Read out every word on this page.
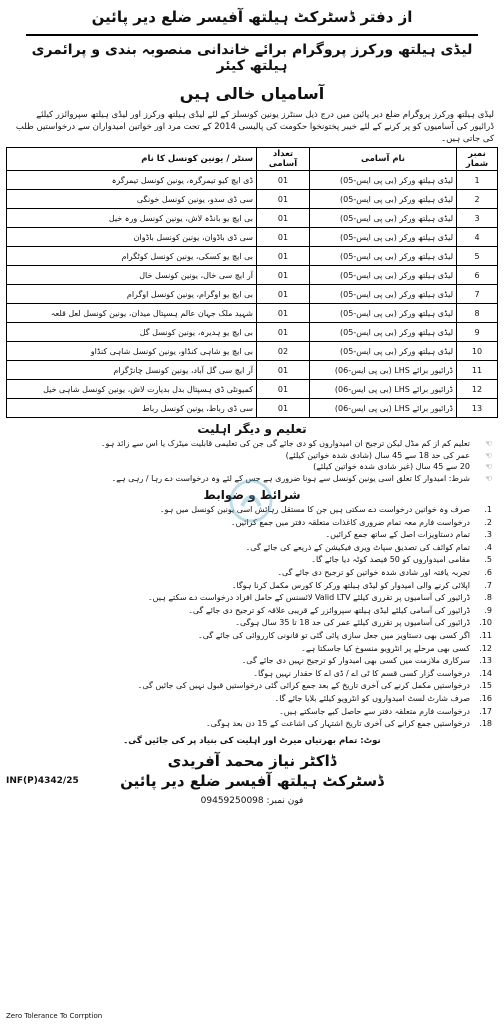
از دفتر ڈسٹرکٹ ہیلتھ آفیسر ضلع دیر پائین
لیڈی ہیلتھ ورکرز پروگرام برائے خاندانی منصوبہ بندی و پرائمری ہیلتھ کیئر
آسامیاں خالی ہیں
لیڈی ہیلتھ ورکرز پروگرام ضلع دیر پائین میں درج ذیل سنٹرز یونین کونسلز کے لئے لیڈی ہیلتھ ورکرز اور لیڈی ہیلتھ سپروائزر کیلئے ڈرائیور کی آسامیوں کو پر کرنے کے لئے خیبر پختونخوا حکومت کی پالیسی 2014 کے تحت مرد اور خواتین امیدواران سے درخواستیں طلب کی جاتی ہیں۔
نمبر شمار	نام آسامی	تعداد آسامی	سنٹر / یونین کونسل کا نام
1	لیڈی ہیلتھ ورکر (بی پی ایس-05)	01	ڈی ایچ کیو تیمرگرہ، یونین کونسل تیمرگرہ
2	لیڈی ہیلتھ ورکر (بی پی ایس-05)	01	سی ڈی سدو، یونین کونسل خونگی
3	لیڈی ہیلتھ ورکر (بی پی ایس-05)	01	بی ایچ یو بانڈہ لاش، یونین کونسل ورہ خیل
4	لیڈی ہیلتھ ورکر (بی پی ایس-05)	01	سی ڈی باڈوان، یونین کونسل باڈوان
5	لیڈی ہیلتھ ورکر (بی پی ایس-05)	01	بی ایچ یو کسکی، یونین کونسل کوٹگرام
6	لیڈی ہیلتھ ورکر (بی پی ایس-05)	01	آر ایچ سی خال، یونین کونسل خال
7	لیڈی ہیلتھ ورکر (بی پی ایس-05)	01	بی ایچ یو اوگرام، یونین کونسل اوگرام
8	لیڈی ہیلتھ ورکر (بی پی ایس-05)	01	شہید ملک جہان عالم ہسپتال میدان، یونین کونسل لعل قلعہ
9	لیڈی ہیلتھ ورکر (بی پی ایس-05)	01	بی ایچ یو ہدیرہ، یونین کونسل گل
10	لیڈی ہیلتھ ورکر (بی پی ایس-05)	02	بی ایچ یو شاہی کنڈاو، یونین کونسل شاہی کنڈاو
11	ڈرائیور برائے LHS (بی پی ایس-06)	01	آر ایچ سی گل آباد، یونین کونسل چانڑگرام
12	ڈرائیور برائے LHS (بی پی ایس-06)	01	کمیونٹی ڈی ہسپتال بدل بدیارت لاش، یونین کونسل شاہی خیل
13	ڈرائیور برائے LHS (بی پی ایس-06)	01	سی ڈی رباط، یونین کونسل رباط
تعلیم و دیگر اہلیت
☜
تعلیم کم از کم مڈل لیکن ترجیح ان امیدواروں کو دی جائے گی جن کی تعلیمی قابلیت میٹرک یا اس سے زائد ہو۔
☜
عمر کی حد 18 سے 45 سال (شادی شدہ خواتین کیلئے)
☜
20 سے 45 سال (غیر شادی شدہ خواتین کیلئے)
☜
شرط: امیدوار کا تعلق اسی یونین کونسل سے ہونا ضروری ہے جس کے لئے وہ درخواست دے رہا / رہی ہے۔
شرائط و ضوابط
1.
صرف وہ خواتین درخواست دے سکتی ہیں جن کا مستقل رہائش اسی یونین کونسل میں ہو۔
2.
درخواست فارم معہ تمام ضروری کاغذات متعلقہ دفتر میں جمع کرائیں۔
3.
تمام دستاویزات اصل کے ساتھ جمع کرائیں۔
4.
تمام کوائف کی تصدیق سپاٹ ویری فیکیشن کے ذریعے کی جائے گی۔
5.
مقامی امیدواروں کو 50 فیصد کوٹہ دیا جائے گا۔
6.
تجربہ یافتہ اور شادی شدہ خواتین کو ترجیح دی جائے گی۔
7.
اپلائی کرنے والی امیدوار کو لیڈی ہیلتھ ورکر کا کورس مکمل کرنا ہوگا۔
8.
ڈرائیور کی آسامیوں پر تقرری کیلئے Valid LTV لائسنس کے حامل افراد درخواست دے سکتے ہیں۔
9.
ڈرائیور کی آسامی کیلئے لیڈی ہیلتھ سپروائزر کے قریبی علاقہ کو ترجیح دی جائے گی۔
10.
ڈرائیور کی آسامیوں پر تقرری کیلئے عمر کی حد 18 تا 35 سال ہوگی۔
11.
اگر کسی بھی دستاویز میں جعل سازی پائی گئی تو قانونی کارروائی کی جائے گی۔
12.
کسی بھی مرحلے پر انٹرویو منسوخ کیا جاسکتا ہے۔
13.
سرکاری ملازمت میں کسی بھی امیدوار کو ترجیح نہیں دی جائے گی۔
14.
درخواست گزار کسی قسم کا ٹی اے / ڈی اے کا حقدار نہیں ہوگا۔
15.
درخواستیں مکمل کرنے کی آخری تاریخ کے بعد جمع کرائی گئی درخواستیں قبول نہیں کی جائیں گی۔
16.
صرف شارٹ لسٹ امیدواروں کو انٹرویو کیلئے بلایا جائے گا۔
17.
درخواست فارم متعلقہ دفتر سے حاصل کیے جاسکتے ہیں۔
18.
درخواستیں جمع کرانے کی آخری تاریخ اشتہار کی اشاعت کے 15 دن بعد ہوگی۔
نوٹ: تمام بھرتیاں میرٹ اور اہلیت کی بنیاد پر کی جائیں گی۔
ڈاکٹر نیاز محمد آفریدی
ڈسٹرکٹ ہیلتھ آفیسر ضلع دیر پائین
فون نمبر: 09459250098
INF(P)4342/25
Zero Tolerance To Corrption
